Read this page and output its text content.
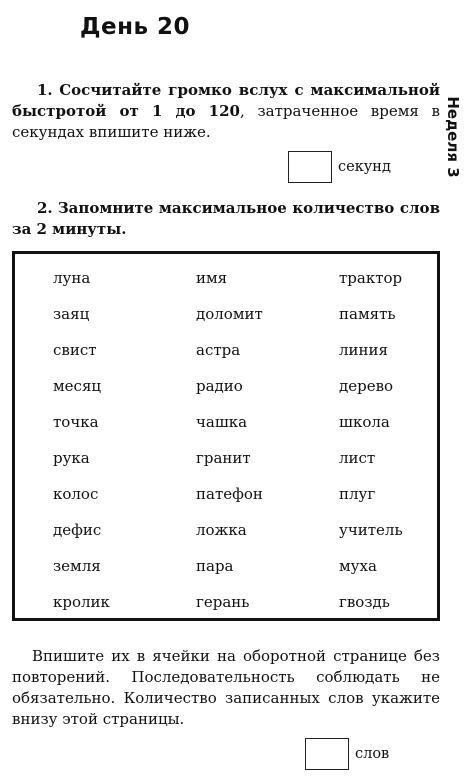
День 20
Неделя 3
1. Сосчитайте громко вслух с максимальной быстротой от 1 до 120, затраченное время в секундах впишите ниже.
секунд
2. Запомните максимальное количество слов за 2 минуты.
луна	имя	трактор
заяц	доломит	память
свист	астра	линия
месяц	радио	дерево
точка	чашка	школа
рука	гранит	лист
колос	патефон	плуг
дефис	ложка	учитель
земля	пара	муха
кролик	герань	гвоздь
Впишите их в ячейки на оборотной странице без повторений. Последовательность соблюдать не обязательно. Количество записанных слов укажите внизу этой страницы.
слов
